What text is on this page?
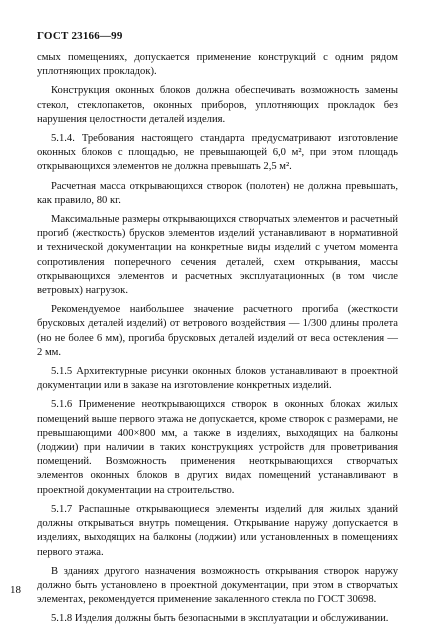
ГОСТ 23166—99

смых помещениях, допускается применение конструкций с одним рядом уплотняющих прокладок).

Конструкция оконных блоков должна обеспечивать возможность замены стекол, стеклопакетов, оконных приборов, уплотняющих прокладок без нарушения целостности деталей изделия.

5.1.4. Требования настоящего стандарта предусматривают изготовление оконных блоков с площадью, не превышающей 6,0 м², при этом площадь открывающихся элементов не должна превышать 2,5 м².

Расчетная масса открывающихся створок (полотен) не должна превышать, как правило, 80 кг.

Максимальные размеры открывающихся створчатых элементов и расчетный прогиб (жесткость) брусков элементов изделий устанавливают в нормативной и технической документации на конкретные виды изделий с учетом момента сопротивления поперечного сечения деталей, схем открывания, массы открывающихся элементов и расчетных эксплуатационных (в том числе ветровых) нагрузок.

Рекомендуемое наибольшее значение расчетного прогиба (жесткости брусковых деталей изделий) от ветрового воздействия — 1/300 длины пролета (но не более 6 мм), прогиба брусковых деталей изделий от веса остекления — 2 мм.

5.1.5 Архитектурные рисунки оконных блоков устанавливают в проектной документации или в заказе на изготовление конкретных изделий.

5.1.6 Применение неоткрывающихся створок в оконных блоках жилых помещений выше первого этажа не допускается, кроме створок с размерами, не превышающими 400×800 мм, а также в изделиях, выходящих на балконы (лоджии) при наличии в таких конструкциях устройств для проветривания помещений. Возможность применения неоткрывающихся створчатых элементов оконных блоков в других видах помещений устанавливают в проектной документации на строительство.

5.1.7 Распашные открывающиеся элементы изделий для жилых зданий должны открываться внутрь помещения. Открывание наружу допускается в изделиях, выходящих на балконы (лоджии) или установленных в помещениях первого этажа.

В зданиях другого назначения возможность открывания створок наружу должно быть установлено в проектной документации, при этом в створчатых элементах, рекомендуется применение закаленного стекла по ГОСТ 30698.

5.1.8 Изделия должны быть безопасными в эксплуатации и обслуживании.

18
